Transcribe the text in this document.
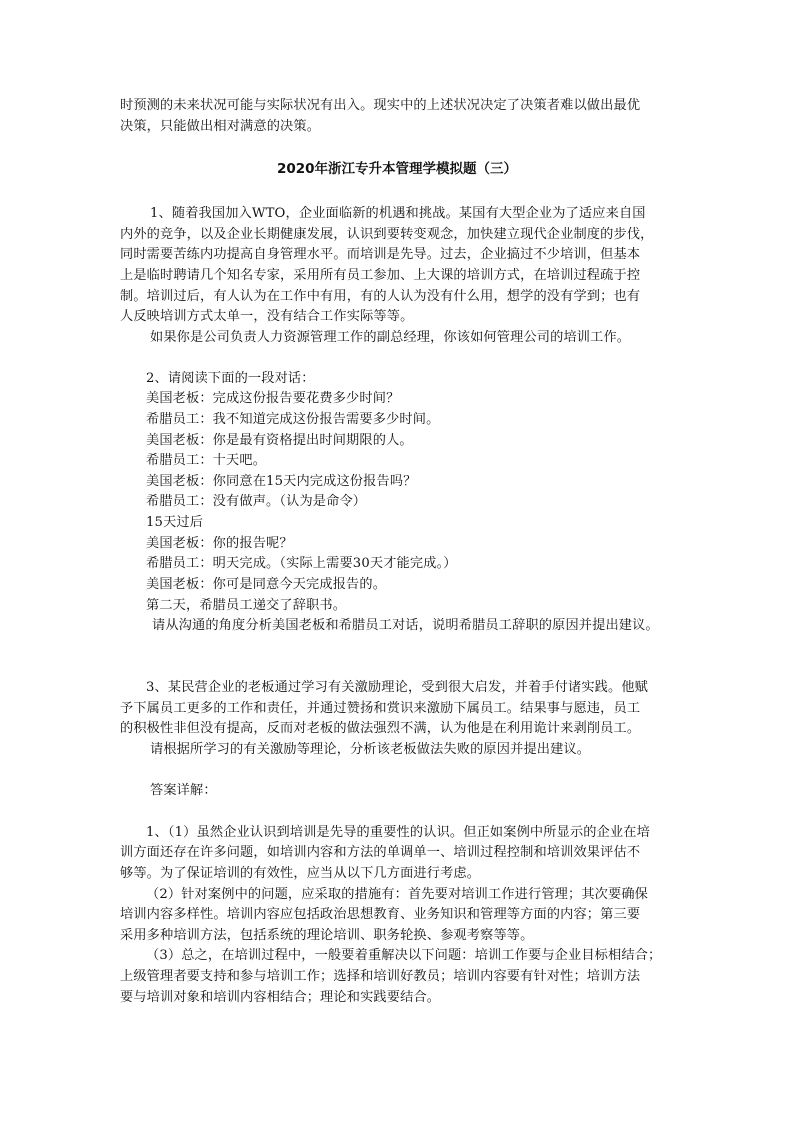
时预测的未来状况可能与实际状况有出入。现实中的上述状况决定了决策者难以做出最优
决策，只能做出相对满意的决策。
2020年浙江专升本管理学模拟题（三）
1、随着我国加入WTO，企业面临新的机遇和挑战。某国有大型企业为了适应来自国
内外的竞争，以及企业长期健康发展，认识到要转变观念，加快建立现代企业制度的步伐，
同时需要苦练内功提高自身管理水平。而培训是先导。过去，企业搞过不少培训，但基本
上是临时聘请几个知名专家，采用所有员工参加、上大课的培训方式，在培训过程疏于控
制。培训过后，有人认为在工作中有用，有的人认为没有什么用，想学的没有学到；也有
人反映培训方式太单一，没有结合工作实际等等。
如果你是公司负责人力资源管理工作的副总经理，你该如何管理公司的培训工作。
2、请阅读下面的一段对话：
美国老板：完成这份报告要花费多少时间？
希腊员工：我不知道完成这份报告需要多少时间。
美国老板：你是最有资格提出时间期限的人。
希腊员工：十天吧。
美国老板：你同意在15天内完成这份报告吗？
希腊员工：没有做声。（认为是命令）
15天过后
美国老板：你的报告呢？
希腊员工：明天完成。（实际上需要30天才能完成。）
美国老板：你可是同意今天完成报告的。
第二天，希腊员工递交了辞职书。
请从沟通的角度分析美国老板和希腊员工对话，说明希腊员工辞职的原因并提出建议。
3、某民营企业的老板通过学习有关激励理论，受到很大启发，并着手付诸实践。他赋
予下属员工更多的工作和责任，并通过赞扬和赏识来激励下属员工。结果事与愿违，员工
的积极性非但没有提高，反而对老板的做法强烈不满，认为他是在利用诡计来剥削员工。
请根据所学习的有关激励等理论，分析该老板做法失败的原因并提出建议。
答案详解：
1、（1）虽然企业认识到培训是先导的重要性的认识。但正如案例中所显示的企业在培
训方面还存在许多问题，如培训内容和方法的单调单一、培训过程控制和培训效果评估不
够等。为了保证培训的有效性，应当从以下几方面进行考虑。
（2）针对案例中的问题，应采取的措施有：首先要对培训工作进行管理；其次要确保
培训内容多样性。培训内容应包括政治思想教育、业务知识和管理等方面的内容；第三要
采用多种培训方法，包括系统的理论培训、职务轮换、参观考察等等。
（3）总之，在培训过程中，一般要着重解决以下问题：培训工作要与企业目标相结合；
上级管理者要支持和参与培训工作；选择和培训好教员；培训内容要有针对性；培训方法
要与培训对象和培训内容相结合；理论和实践要结合。
